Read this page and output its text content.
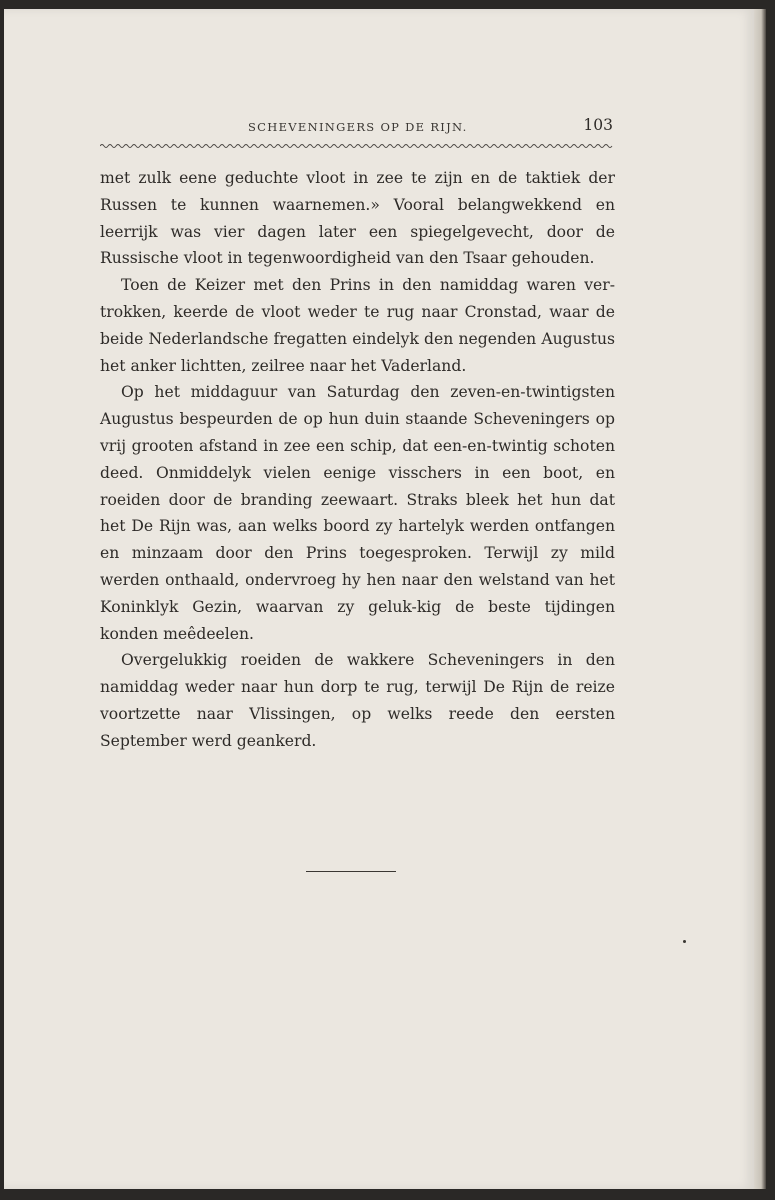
SCHEVENINGERS OP DE RIJN.	103

met zulk eene geduchte vloot in zee te zijn en de taktiek der Russen te kunnen waarnemen.» Vooral belangwekkend en leerrijk was vier dagen later een spiegelgevecht, door de Russische vloot in tegenwoordigheid van den Tsaar gehouden.

Toen de Keizer met den Prins in den namiddag waren ver-trokken, keerde de vloot weder te rug naar Cronstad, waar de beide Nederlandsche fregatten eindelyk den negenden Augustus het anker lichtten, zeilree naar het Vaderland.

Op het middaguur van Saturdag den zeven-en-twintigsten Augustus bespeurden de op hun duin staande Scheveningers op vrij grooten afstand in zee een schip, dat een-en-twintig schoten deed. Onmiddelyk vielen eenige visschers in een boot, en roeiden door de branding zeewaart. Straks bleek het hun dat het De Rijn was, aan welks boord zy hartelyk werden ontfangen en minzaam door den Prins toegesproken. Terwijl zy mild werden onthaald, ondervroeg hy hen naar den welstand van het Koninklyk Gezin, waarvan zy geluk-kig de beste tijdingen konden meêdeelen.

Overgelukkig roeiden de wakkere Scheveningers in den namiddag weder naar hun dorp te rug, terwijl De Rijn de reize voortzette naar Vlissingen, op welks reede den eersten September werd geankerd.
